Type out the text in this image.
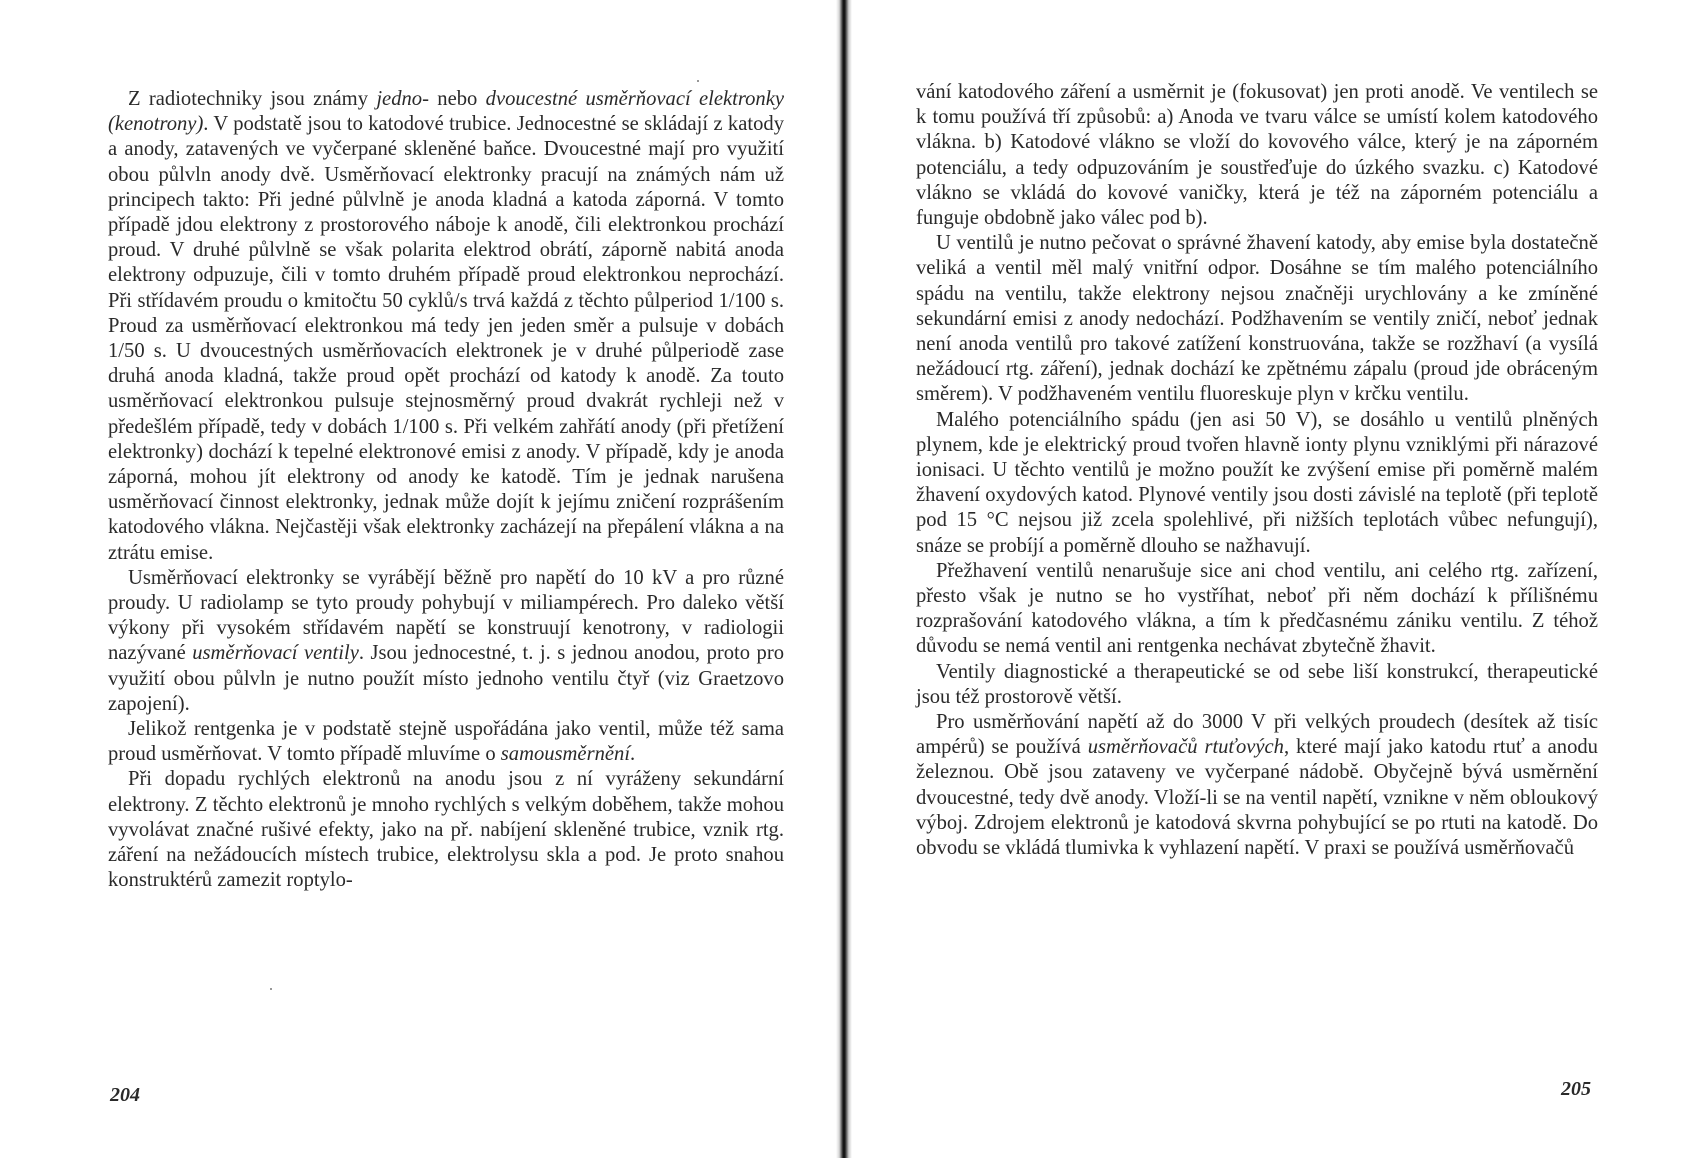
Z radiotechniky jsou známy jedno- nebo dvoucestné usměrňovací elektronky (kenotrony). V podstatě jsou to katodové trubice. Jednocestné se skládají z katody a anody, zatavených ve vyčerpané skleněné baňce. Dvoucestné mají pro využití obou půlvln anody dvě. Usměrňovací elektronky pracují na známých nám už principech takto: Při jedné půlvlně je anoda kladná a katoda záporná. V tomto případě jdou elektrony z prostorového náboje k anodě, čili elektronkou prochází proud. V druhé půlvlně se však polarita elektrod obrátí, záporně nabitá anoda elektrony odpuzuje, čili v tomto druhém případě proud elektronkou neprochází. Při střídavém proudu o kmitočtu 50 cyklů/s trvá každá z těchto půlperiod 1/100 s. Proud za usměrňovací elektronkou má tedy jen jeden směr a pulsuje v dobách 1/50 s. U dvoucestných usměrňovacích elektronek je v druhé půlperiodě zase druhá anoda kladná, takže proud opět prochází od katody k anodě. Za touto usměrňovací elektronkou pulsuje stejnosměrný proud dvakrát rychleji než v předešlém případě, tedy v dobách 1/100 s. Při velkém zahřátí anody (při přetížení elektronky) dochází k tepelné elektronové emisi z anody. V případě, kdy je anoda záporná, mohou jít elektrony od anody ke katodě. Tím je jednak narušena usměrňovací činnost elektronky, jednak může dojít k jejímu zničení rozprášením katodového vlákna. Nejčastěji však elektronky zacházejí na přepálení vlákna a na ztrátu emise.

Usměrňovací elektronky se vyrábějí běžně pro napětí do 10 kV a pro různé proudy. U radiolamp se tyto proudy pohybují v miliampérech. Pro daleko větší výkony při vysokém střídavém napětí se konstruují kenotrony, v radiologii nazývané usměrňovací ventily. Jsou jednocestné, t. j. s jednou anodou, proto pro využití obou půlvln je nutno použít místo jednoho ventilu čtyř (viz Graetzovo zapojení).

Jelikož rentgenka je v podstatě stejně uspořádána jako ventil, může též sama proud usměrňovat. V tomto případě mluvíme o samousměrnění.

Při dopadu rychlých elektronů na anodu jsou z ní vyráženy sekundární elektrony. Z těchto elektronů je mnoho rychlých s velkým doběhem, takže mohou vyvolávat značné rušivé efekty, jako na př. nabíjení skleněné trubice, vznik rtg. záření na nežádoucích místech trubice, elektrolysu skla a pod. Je proto snahou konstruktérů zamezit roptylo-

204

vání katodového záření a usměrnit je (fokusovat) jen proti anodě. Ve ventilech se k tomu používá tří způsobů: a) Anoda ve tvaru válce se umístí kolem katodového vlákna. b) Katodové vlákno se vloží do kovového válce, který je na záporném potenciálu, a tedy odpuzováním je soustřeďuje do úzkého svazku. c) Katodové vlákno se vkládá do kovové vaničky, která je též na záporném potenciálu a funguje obdobně jako válec pod b).

U ventilů je nutno pečovat o správné žhavení katody, aby emise byla dostatečně veliká a ventil měl malý vnitřní odpor. Dosáhne se tím malého potenciálního spádu na ventilu, takže elektrony nejsou značněji urychlovány a ke zmíněné sekundární emisi z anody nedochází. Podžhavením se ventily zničí, neboť jednak není anoda ventilů pro takové zatížení konstruována, takže se rozžhaví (a vysílá nežádoucí rtg. záření), jednak dochází ke zpětnému zápalu (proud jde obráceným směrem). V podžhaveném ventilu fluoreskuje plyn v krčku ventilu.

Malého potenciálního spádu (jen asi 50 V), se dosáhlo u ventilů plněných plynem, kde je elektrický proud tvořen hlavně ionty plynu vzniklými při nárazové ionisaci. U těchto ventilů je možno použít ke zvýšení emise při poměrně malém žhavení oxydových katod. Plynové ventily jsou dosti závislé na teplotě (při teplotě pod 15 °C nejsou již zcela spolehlivé, při nižších teplotách vůbec nefungují), snáze se probíjí a poměrně dlouho se nažhavují.

Přežhavení ventilů nenarušuje sice ani chod ventilu, ani celého rtg. zařízení, přesto však je nutno se ho vystříhat, neboť při něm dochází k přílišnému rozprašování katodového vlákna, a tím k předčasnému zániku ventilu. Z téhož důvodu se nemá ventil ani rentgenka nechávat zbytečně žhavit.

Ventily diagnostické a therapeutické se od sebe liší konstrukcí, therapeutické jsou též prostorově větší.

Pro usměrňování napětí až do 3000 V při velkých proudech (desítek až tisíc ampérů) se používá usměrňovačů rtuťových, které mají jako katodu rtuť a anodu železnou. Obě jsou zataveny ve vyčerpané nádobě. Obyčejně bývá usměrnění dvoucestné, tedy dvě anody. Vloží-li se na ventil napětí, vznikne v něm obloukový výboj. Zdrojem elektronů je katodová skvrna pohybující se po rtuti na katodě. Do obvodu se vkládá tlumivka k vyhlazení napětí. V praxi se používá usměrňovačů

205
